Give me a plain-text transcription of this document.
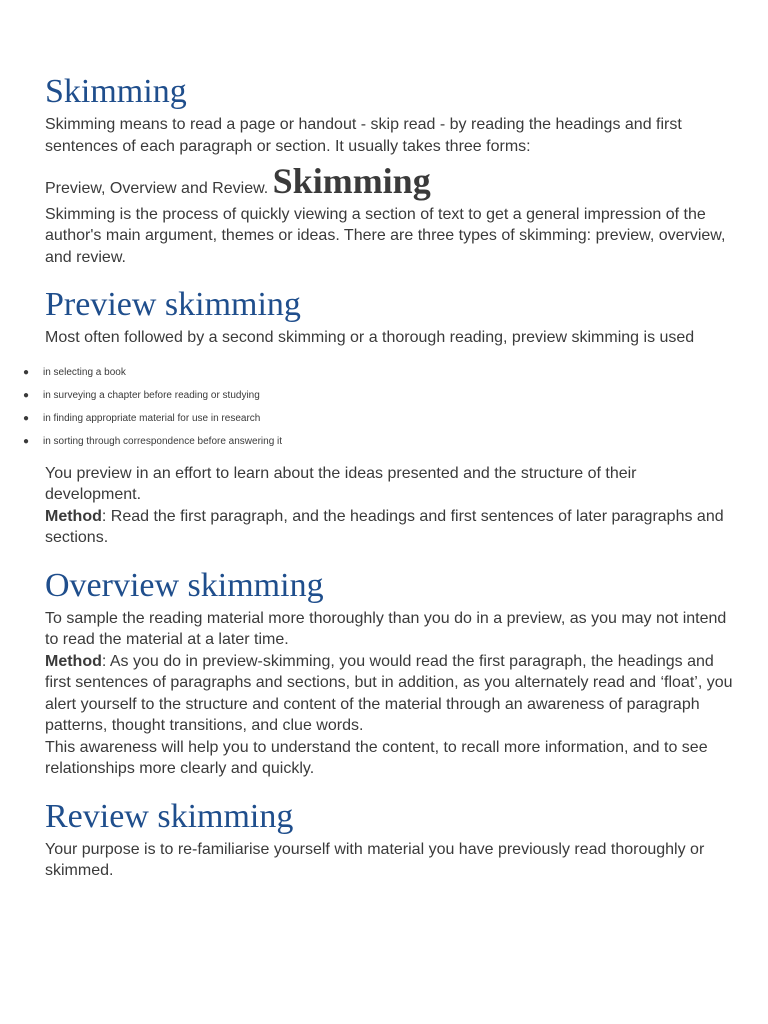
Skimming

Skimming means to read a page or handout - skip read - by reading the headings and first sentences of each paragraph or section. It usually takes three forms:

Preview, Overview and Review. Skimming

Skimming is the process of quickly viewing a section of text to get a general impression of the author's main argument, themes or ideas. There are three types of skimming: preview, overview, and review.

Preview skimming

Most often followed by a second skimming or a thorough reading, preview skimming is used

● in selecting a book
● in surveying a chapter before reading or studying
● in finding appropriate material for use in research
● in sorting through correspondence before answering it

You preview in an effort to learn about the ideas presented and the structure of their development.

Method: Read the first paragraph, and the headings and first sentences of later paragraphs and sections.

Overview skimming

To sample the reading material more thoroughly than you do in a preview, as you may not intend to read the material at a later time.

Method: As you do in preview-skimming, you would read the first paragraph, the headings and first sentences of paragraphs and sections, but in addition, as you alternately read and ‘float’, you alert yourself to the structure and content of the material through an awareness of paragraph patterns, thought transitions, and clue words.

This awareness will help you to understand the content, to recall more information, and to see relationships more clearly and quickly.

Review skimming

Your purpose is to re-familiarise yourself with material you have previously read thoroughly or skimmed.
